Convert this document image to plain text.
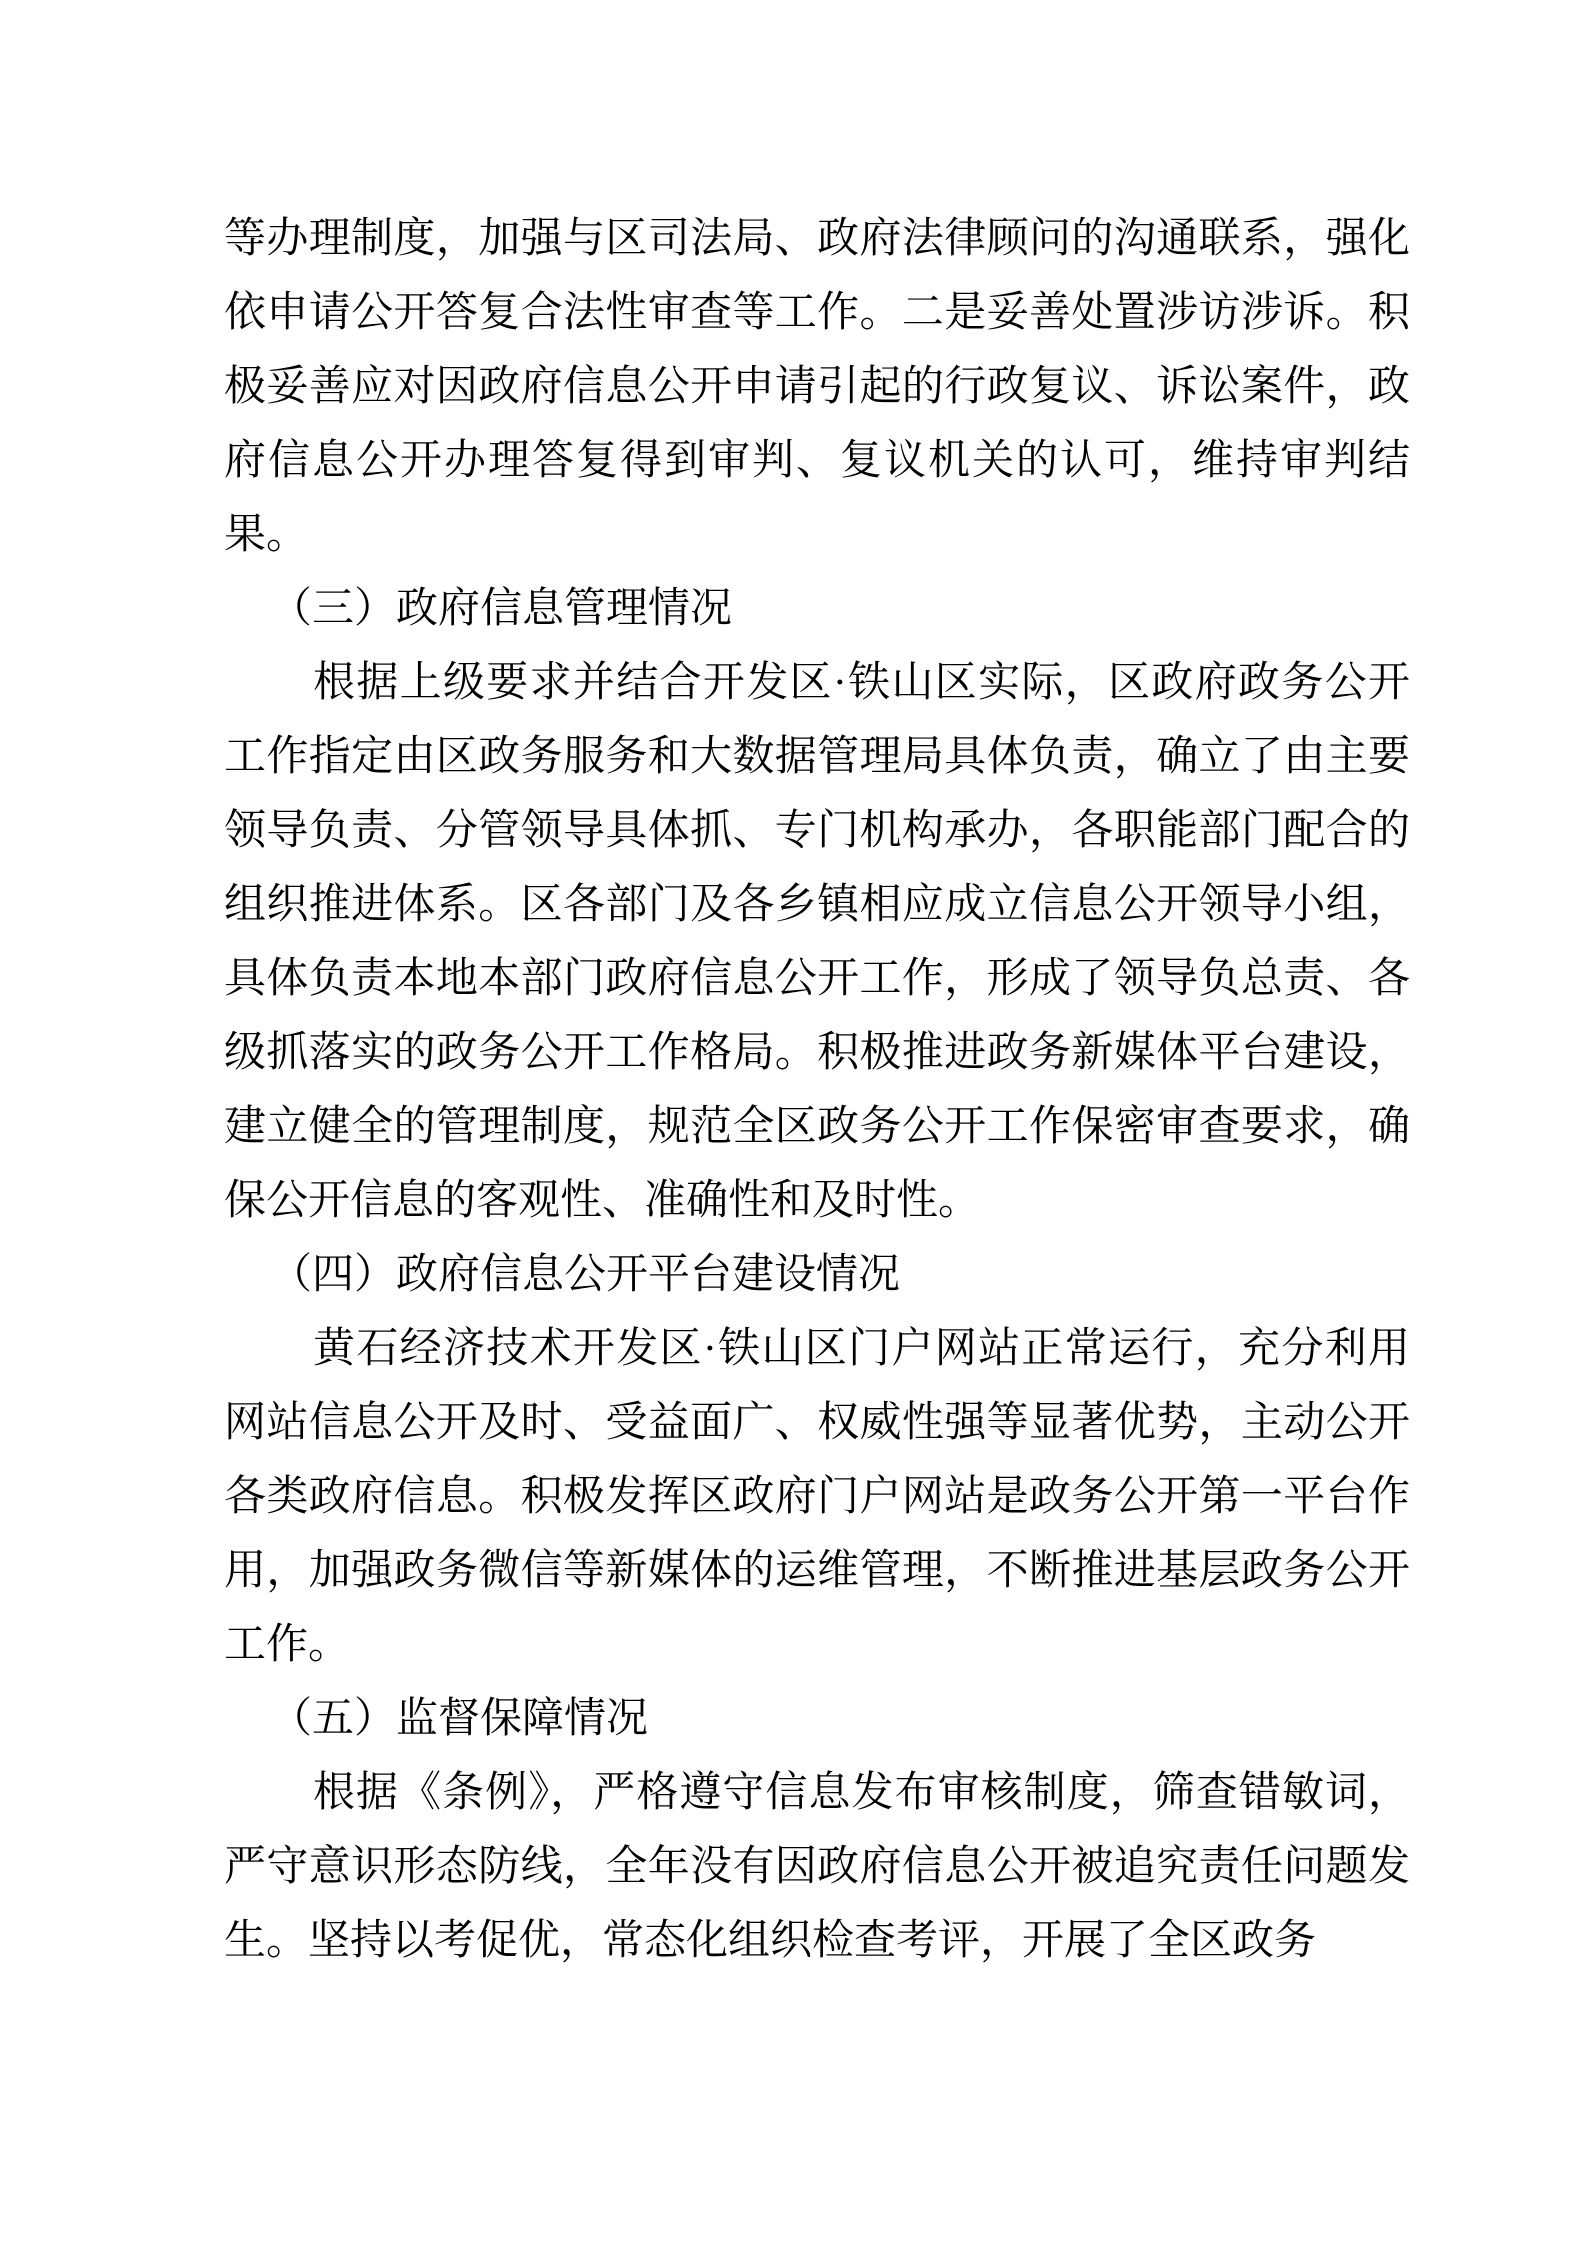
等办理制度，加强与区司法局、政府法律顾问的沟通联系，强化依申请公开答复合法性审查等工作。二是妥善处置涉访涉诉。积极妥善应对因政府信息公开申请引起的行政复议、诉讼案件，政府信息公开办理答复得到审判、复议机关的认可，维持审判结果。

（三）政府信息管理情况

根据上级要求并结合开发区·铁山区实际，区政府政务公开工作指定由区政务服务和大数据管理局具体负责，确立了由主要领导负责、分管领导具体抓、专门机构承办，各职能部门配合的组织推进体系。区各部门及各乡镇相应成立信息公开领导小组，具体负责本地本部门政府信息公开工作，形成了领导负总责、各级抓落实的政务公开工作格局。积极推进政务新媒体平台建设，建立健全的管理制度，规范全区政务公开工作保密审查要求，确保公开信息的客观性、准确性和及时性。

（四）政府信息公开平台建设情况

黄石经济技术开发区·铁山区门户网站正常运行，充分利用网站信息公开及时、受益面广、权威性强等显著优势，主动公开各类政府信息。积极发挥区政府门户网站是政务公开第一平台作用，加强政务微信等新媒体的运维管理，不断推进基层政务公开工作。

（五）监督保障情况

根据《条例》，严格遵守信息发布审核制度，筛查错敏词，严守意识形态防线，全年没有因政府信息公开被追究责任问题发生。坚持以考促优，常态化组织检查考评，开展了全区政务
